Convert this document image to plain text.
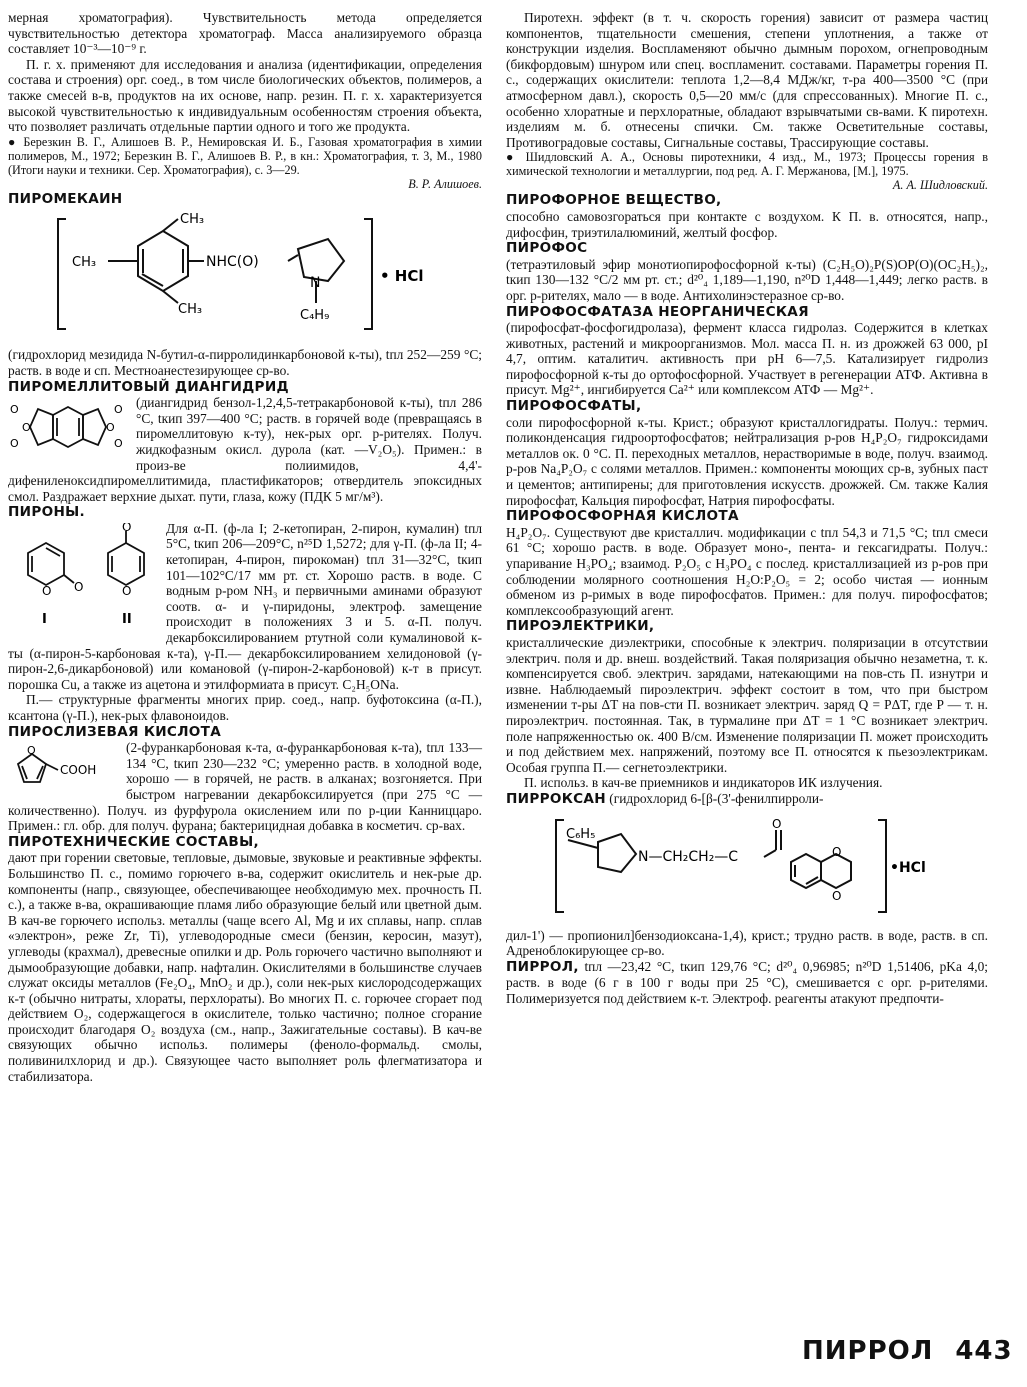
мерная хроматография). Чувствительность метода определяется чувствительностью детектора хроматограф. Масса анализируемого образца составляет 10⁻³—10⁻⁹ г.

П. г. х. применяют для исследования и анализа (идентификации, определения состава и строения) орг. соед., в том числе биологических объектов, полимеров, а также смесей в-в, продуктов на их основе, напр. резин. П. г. х. характеризуется высокой чувствительностью к индивидуальным особенностям строения объекта, что позволяет различать отдельные партии одного и того же продукта.

● Березкин В. Г., Алишоев В. Р., Немировская И. Б., Газовая хроматография в химии полимеров, М., 1972; Березкин В. Г., Алишоев В. Р., в кн.: Хроматография, т. 3, М., 1980 (Итоги науки и техники. Сер. Хроматография), с. 3—29.

В. Р. Алишоев.

ПИРОМЕКАИН

CH₃
CH₃
CH₃
NHC(O)
N
C₄H₉
• HCl

(гидрохлорид мезидида N-бутил-α-пирролидинкарбоновой к-ты), tпл 252—259 °С; раств. в воде и сп. Местноанестезирующее ср-во.

ПИРОМЕЛЛИТОВЫЙ ДИАНГИДРИД

O
O
O
O
O
O

(диангидрид бензол-1,2,4,5-тетракарбоновой к-ты), tпл 286 °С, tкип 397—400 °С; раств. в горячей воде (превращаясь в пиромеллитовую к-ту), нек-рых орг. р-рителях. Получ. жидкофазным окисл. дурола (кат. —V₂O₅). Примен.: в произ-ве полиимидов, 4,4'-дифениленоксидпиромеллитимида, пластификаторов; отвердитель эпоксидных смол. Раздражает верхние дыхат. пути, глаза, кожу (ПДК 5 мг/м³).

ПИРОНЫ.

O O	O
O
I	II

Для α-П. (ф-ла I; 2-кетопиран, 2-пирон, кумалин) tпл 5°С, tкип 206—209°С, n²⁵D 1,5272; для γ-П. (ф-ла II; 4-кетопиран, 4-пирон, пирокоман) tпл 31—32°С, tкип 101—102°С/17 мм рт. ст. Хорошо раств. в воде. С водным р-ром NH₃ и первичными аминами образуют соотв. α- и γ-пиридоны, электроф. замещение происходит в положениях 3 и 5. α-П. получ. декарбоксилированием ртутной соли кумалиновой к-ты (α-пирон-5-карбоновая к-та), γ-П.— декарбоксилированием хелидоновой (γ-пирон-2,6-дикарбоновой) или комановой (γ-пирон-2-карбоновой) к-т в присут. порошка Cu, а также из ацетона и этилформиата в присут. C₂H₅ONa.

П.— структурные фрагменты многих прир. соед., напр. буфотоксина (α-П.), ксантона (γ-П.), нек-рых флавоноидов.

ПИРОСЛИЗЕВАЯ КИСЛОТА

O
COOH

(2-фуранкарбоновая к-та, α-фуранкарбоновая к-та), tпл 133—134 °С, tкип 230—232 °С; умеренно раств. в холодной воде, хорошо — в горячей, не раств. в алканах; возгоняется. При быстром нагревании декарбоксилируется (при 275 °С — количественно). Получ. из фурфурола окислением или по р-ции Канниццаро. Примен.: гл. обр. для получ. фурана; бактерицидная добавка в косметич. ср-вах.

ПИРОТЕХНИЧЕСКИЕ СОСТАВЫ,

дают при горении световые, тепловые, дымовые, звуковые и реактивные эффекты. Большинство П. с., помимо горючего в-ва, содержит окислитель и нек-рые др. компоненты (напр., связующее, обеспечивающее необходимую мех. прочность П. с.), а также в-ва, окрашивающие пламя либо образующие белый или цветной дым. В кач-ве горючего использ. металлы (чаще всего Al, Mg и их сплавы, напр. сплав «электрон», реже Zr, Ti), углеводородные смеси (бензин, керосин, мазут), углеводы (крахмал), древесные опилки и др. Роль горючего частично выполняют и дымообразующие добавки, напр. нафталин. Окислителями в большинстве случаев служат оксиды металлов (Fe₂O₄, MnO₂ и др.), соли нек-рых кислородсодержащих к-т (обычно нитраты, хлораты, перхлораты). Во многих П. с. горючее сгорает под действием O₂, содержащегося в окислителе, только частично; полное сгорание происходит благодаря O₂ воздуха (см., напр., Зажигательные составы). В кач-ве связующих обычно использ. полимеры (феноло-формальд. смолы, поливинилхлорид и др.). Связующее часто выполняет роль флегматизатора и стабилизатора.

Пиротехн. эффект (в т. ч. скорость горения) зависит от размера частиц компонентов, тщательности смешения, степени уплотнения, а также от конструкции изделия. Воспламеняют обычно дымным порохом, огнепроводным (бикфордовым) шнуром или спец. воспламенит. составами. Параметры горения П. с., содержащих окислители: теплота 1,2—8,4 МДж/кг, т-ра 400—3500 °С (при атмосферном давл.), скорость 0,5—20 мм/с (для спрессованных). Многие П. с., особенно хлоратные и перхлоратные, обладают взрывчатыми св-вами. К пиротехн. изделиям м. б. отнесены спички. См. также Осветительные составы, Противоградовые составы, Сигнальные составы, Трассирующие составы.

● Шидловский А. А., Основы пиротехники, 4 изд., М., 1973; Процессы горения в химической технологии и металлургии, под ред. А. Г. Мержанова, [М.], 1975.

А. А. Шидловский.

ПИРОФОРНОЕ ВЕЩЕСТВО,

способно самовозгораться при контакте с воздухом. К П. в. относятся, напр., дифосфин, триэтилалюминий, желтый фосфор.

ПИРОФОС

(тетраэтиловый эфир монотиопирофосфорной к-ты) (C₂H₅O)₂P(S)OP(O)(OC₂H₅)₂, tкип 130—132 °С/2 мм рт. ст.; d²⁰₄ 1,189—1,190, n²⁰D 1,448—1,449; легко раств. в орг. р-рителях, мало — в воде. Антихолинэстеразное ср-во.

ПИРОФОСФАТАЗА НЕОРГАНИЧЕСКАЯ

(пирофосфат-фосфогидролаза), фермент класса гидролаз. Содержится в клетках животных, растений и микроорганизмов. Мол. масса П. н. из дрожжей 63 000, pI 4,7, оптим. каталитич. активность при pH 6—7,5. Катализирует гидролиз пирофосфорной к-ты до ортофосфорной. Участвует в регенерации АТФ. Активна в присут. Mg²⁺, ингибируется Ca²⁺ или комплексом АТФ — Mg²⁺.

ПИРОФОСФАТЫ,

соли пирофосфорной к-ты. Крист.; образуют кристаллогидраты. Получ.: термич. поликонденсация гидроортофосфатов; нейтрализация р-ров H₄P₂O₇ гидроксидами металлов ок. 0 °С. П. переходных металлов, нерастворимые в воде, получ. взаимод. р-ров Na₄P₂O₇ с солями металлов. Примен.: компоненты моющих ср-в, зубных паст и цементов; антипирены; для приготовления искусств. дрожжей. См. также Калия пирофосфат, Кальция пирофосфат, Натрия пирофосфаты.

ПИРОФОСФОРНАЯ КИСЛОТА

H₄P₂O₇. Существуют две кристаллич. модификации с tпл 54,3 и 71,5 °С; tпл смеси 61 °С; хорошо раств. в воде. Образует моно-, пента- и гексагидраты. Получ.: упаривание H₃PO₄; взаимод. P₂O₅ с H₃PO₄ с послед. кристаллизацией из р-ров при соблюдении молярного соотношения H₂O:P₂O₅ = 2; особо чистая — ионным обменом из р-римых в воде пирофосфатов. Примен.: для получ. пирофосфатов; комплексообразующий агент.

ПИРОЭЛЕКТРИКИ,

кристаллические диэлектрики, способные к электрич. поляризации в отсутствии электрич. поля и др. внеш. воздействий. Такая поляризация обычно незаметна, т. к. компенсируется своб. электрич. зарядами, натекающими на пов-сть П. изнутри и извне. Наблюдаемый пироэлектрич. эффект состоит в том, что при быстром изменении т-ры ΔT на пов-сти П. возникает электрич. заряд Q = PΔT, где P — т. н. пироэлектрич. постоянная. Так, в турмалине при ΔT = 1 °С возникает электрич. поле напряженностью ок. 400 В/см. Изменение поляризации П. может происходить и под действием мех. напряжений, поэтому все П. относятся к пьезоэлектрикам. Особая группа П.— сегнетоэлектрики.

П. использ. в кач-ве приемников и индикаторов ИК излучения.

ПИРРОКСАН (гидрохлорид 6-[β-(3'-фенилпирроли-

C₆H₅
N—CH₂CH₂—C
O
O
O
•HCl

дил-1') — пропионил]бензодиоксана-1,4), крист.; трудно раств. в воде, раств. в сп. Адреноблокирующее ср-во.

ПИРРОЛ, tпл —23,42 °С, tкип 129,76 °С; d²⁰₄ 0,96985; n²⁰D 1,51406, pKa 4,0; раств. в воде (6 г в 100 г воды при 25 °С), смешивается с орг. р-рителями. Полимеризуется под действием к-т. Электроф. реагенты атакуют предпочти-

ПИРРОЛ 443
